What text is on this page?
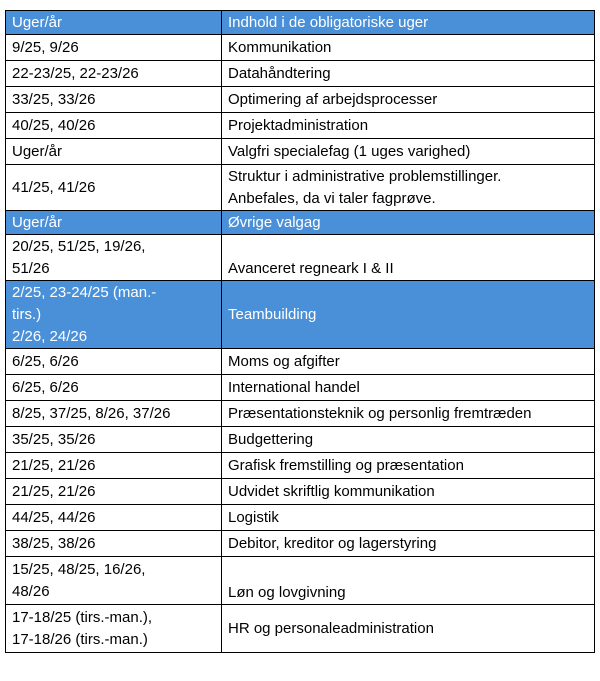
Uger/år	Indhold i de obligatoriske uger
9/25, 9/26	Kommunikation
22-23/25, 22-23/26	Datahåndtering
33/25, 33/26	Optimering af arbejdsprocesser
40/25, 40/26	Projektadministration
Uger/år	Valgfri specialefag (1 uges varighed)
41/25, 41/26	Struktur i administrative problemstillinger.
Anbefales, da vi taler fagprøve.
Uger/år	Øvrige valgag
20/25, 51/25, 19/26,
51/26	Avanceret regneark I & II
2/25, 23-24/25 (man.-
tirs.)
2/26, 24/26	Teambuilding
6/25, 6/26	Moms og afgifter
6/25, 6/26	International handel
8/25, 37/25, 8/26, 37/26	Præsentationsteknik og personlig fremtræden
35/25, 35/26	Budgettering
21/25, 21/26	Grafisk fremstilling og præsentation
21/25, 21/26	Udvidet skriftlig kommunikation
44/25, 44/26	Logistik
38/25, 38/26	Debitor, kreditor og lagerstyring
15/25, 48/25, 16/26,
48/26	Løn og lovgivning
17-18/25 (tirs.-man.),
17-18/26 (tirs.-man.)	HR og personaleadministration
